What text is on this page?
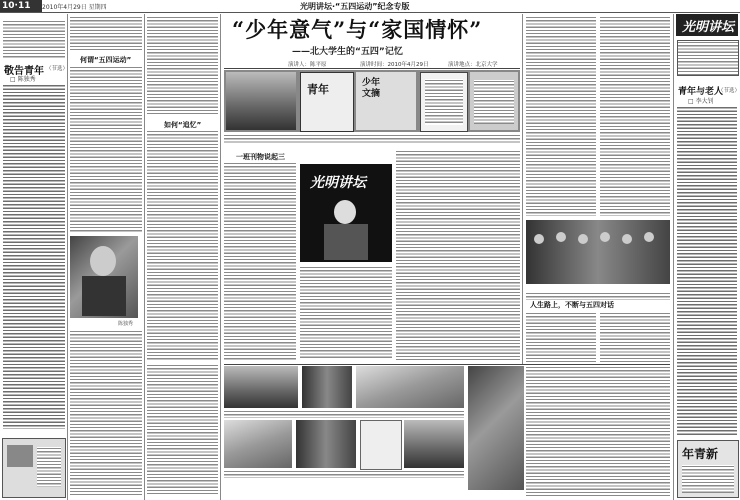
10·11	2010年4月29日 星期四	光明讲坛·“五四运动”纪念专版
敬告青年 （节选）
□ 陈独秀
何谓“五四运动”
陈独秀
如何“追忆”
“少年意气”与“家国情怀”
——北大学生的“五四”记忆
演讲人：陈平原	演讲时间：2010年4月29日	演讲地点：北京大学
青年	少年
文摘
一班刊物说起三
光明讲坛
人生路上，不断与五四对话
光明讲坛
青年与老人
（节选）
□ 李大钊
年青新
